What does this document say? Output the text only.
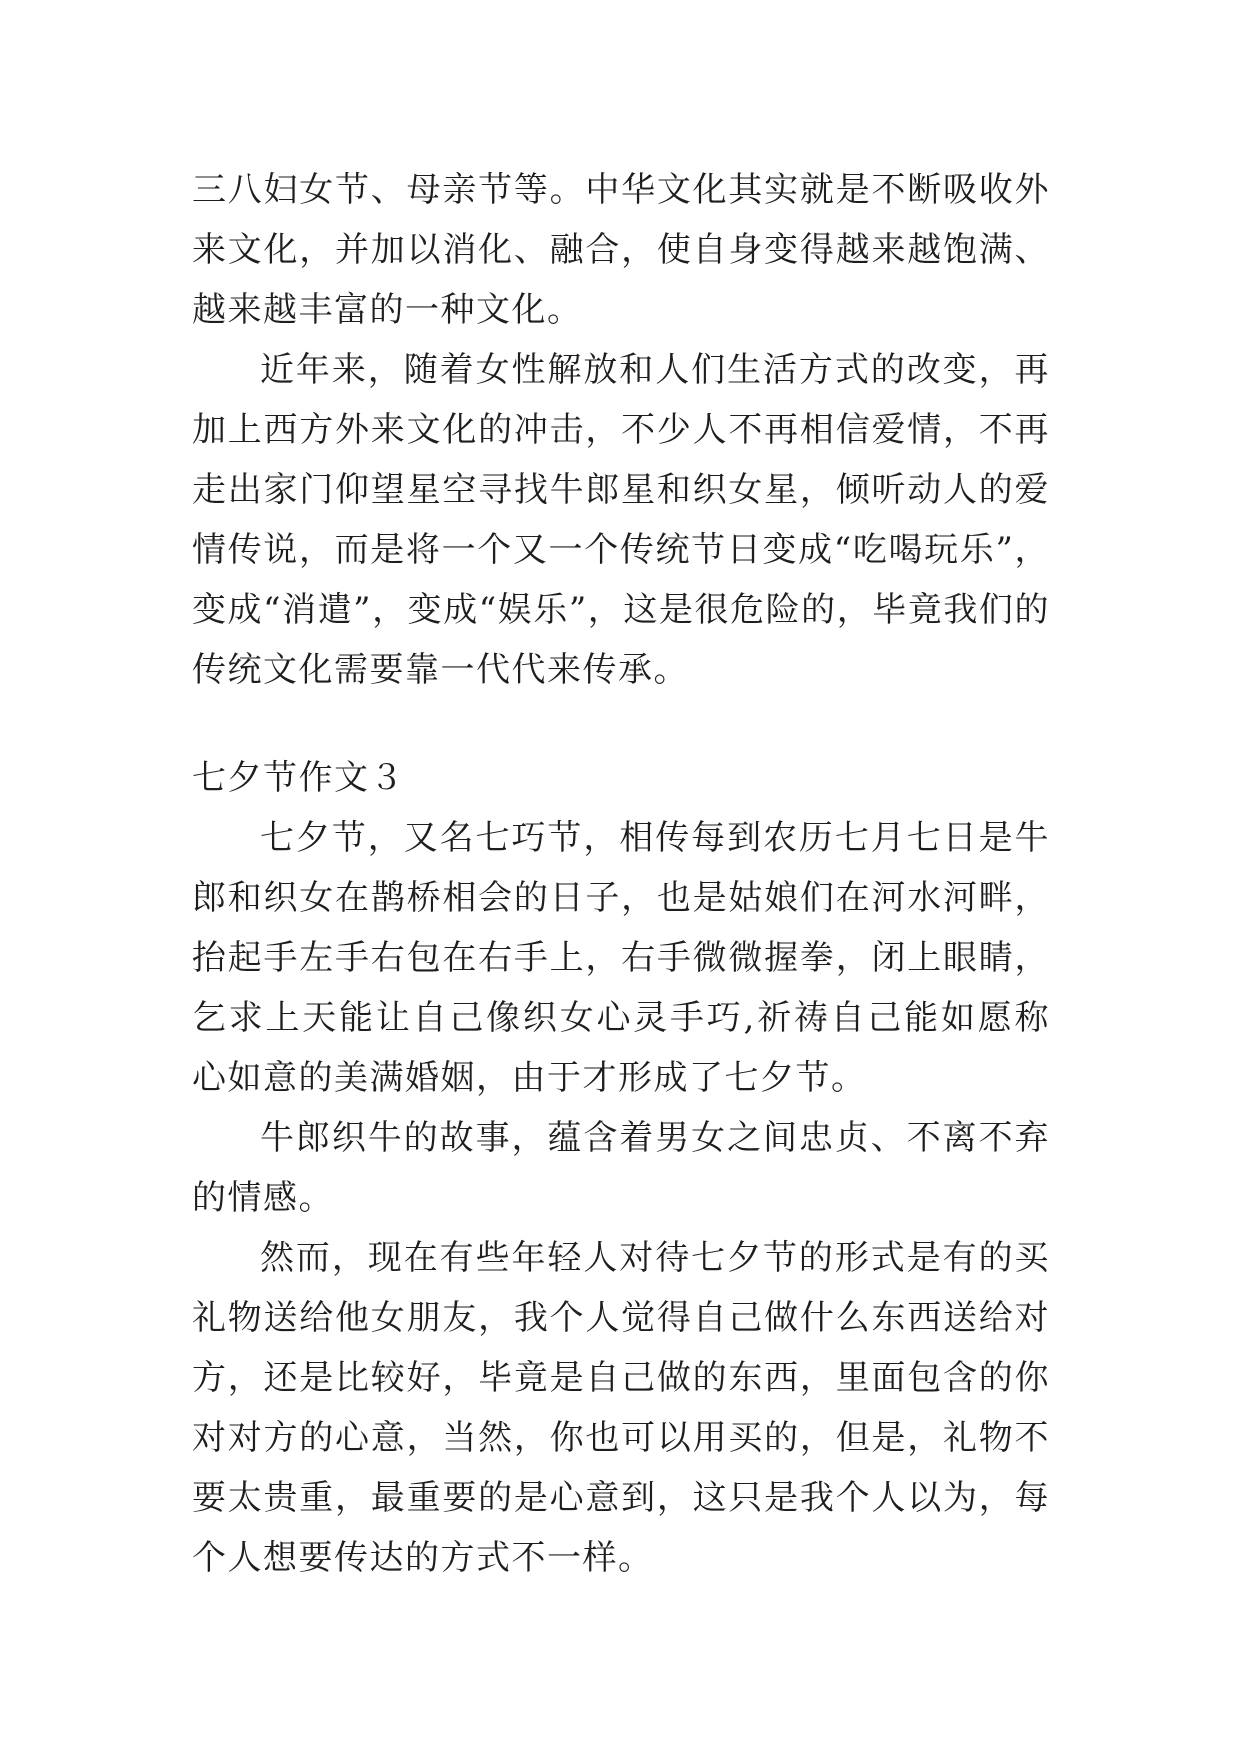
三八妇女节、母亲节等。中华文化其实就是不断吸收外来文化，并加以消化、融合，使自身变得越来越饱满、越来越丰富的一种文化。

近年来，随着女性解放和人们生活方式的改变，再加上西方外来文化的冲击，不少人不再相信爱情，不再走出家门仰望星空寻找牛郎星和织女星，倾听动人的爱情传说，而是将一个又一个传统节日变成“吃喝玩乐”，变成“消遣”，变成“娱乐”，这是很危险的，毕竟我们的传统文化需要靠一代代来传承。

七夕节作文３

七夕节，又名七巧节，相传每到农历七月七日是牛郎和织女在鹊桥相会的日子，也是姑娘们在河水河畔，抬起手左手右包在右手上，右手微微握拳，闭上眼睛，乞求上天能让自己像织女心灵手巧,祈祷自己能如愿称心如意的美满婚姻，由于才形成了七夕节。

牛郎织牛的故事，蕴含着男女之间忠贞、不离不弃的情感。

然而，现在有些年轻人对待七夕节的形式是有的买礼物送给他女朋友，我个人觉得自己做什么东西送给对方，还是比较好，毕竟是自己做的东西，里面包含的你对对方的心意，当然，你也可以用买的，但是，礼物不要太贵重，最重要的是心意到，这只是我个人以为，每个人想要传达的方式不一样。
